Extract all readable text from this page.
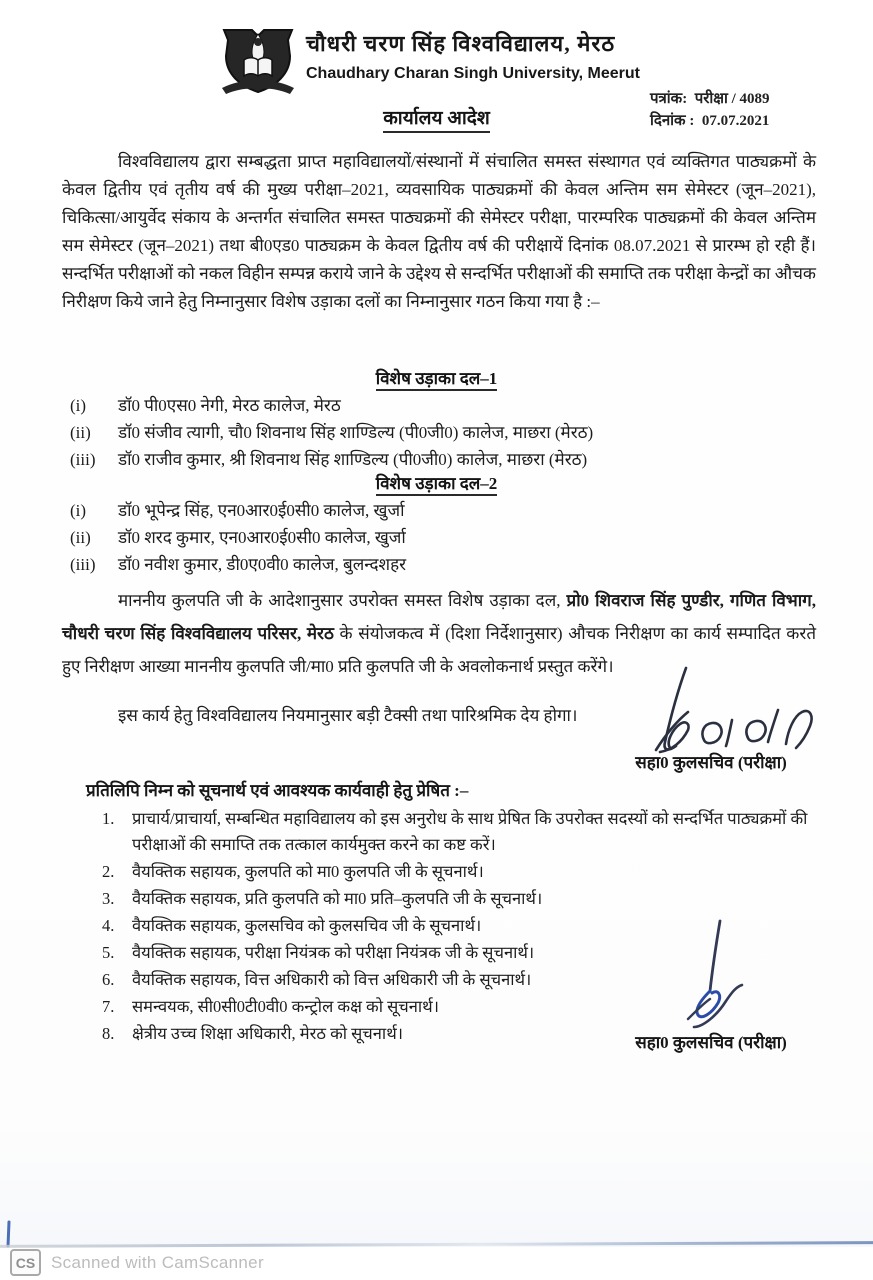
चौधरी चरण सिंह विश्वविद्यालय, मेरठ
Chaudhary Charan Singh University, Meerut
पत्रांक: परीक्षा / 4089
दिनांक : 07.07.2021
कार्यालय आदेश
विश्वविद्यालय द्वारा सम्बद्धता प्राप्त महाविद्यालयों/संस्थानों में संचालित समस्त संस्थागत एवं व्यक्तिगत पाठ्यक्रमों के केवल द्वितीय एवं तृतीय वर्ष की मुख्य परीक्षा–2021, व्यवसायिक पाठ्यक्रमों की केवल अन्तिम सम सेमेस्टर (जून–2021), चिकित्सा/आयुर्वेद संकाय के अन्तर्गत संचालित समस्त पाठ्यक्रमों की सेमेस्टर परीक्षा, पारम्परिक पाठ्यक्रमों की केवल अन्तिम सम सेमेस्टर (जून–2021) तथा बी0एड0 पाठ्यक्रम के केवल द्वितीय वर्ष की परीक्षायें दिनांक 08.07.2021 से प्रारम्भ हो रही हैं। सन्दर्भित परीक्षाओं को नकल विहीन सम्पन्न कराये जाने के उद्देश्य से सन्दर्भित परीक्षाओं की समाप्ति तक परीक्षा केन्द्रों का औचक निरीक्षण किये जाने हेतु निम्नानुसार विशेष उड़ाका दलों का निम्नानुसार गठन किया गया है :–
विशेष उड़ाका दल–1
(i)	डॉ0 पी0एस0 नेगी, मेरठ कालेज, मेरठ
(ii)	डॉ0 संजीव त्यागी, चौ0 शिवनाथ सिंह शाण्डिल्य (पी0जी0) कालेज, माछरा (मेरठ)
(iii)	डॉ0 राजीव कुमार, श्री शिवनाथ सिंह शाण्डिल्य (पी0जी0) कालेज, माछरा (मेरठ)
विशेष उड़ाका दल–2
(i)	डॉ0 भूपेन्द्र सिंह, एन0आर0ई0सी0 कालेज, खुर्जा
(ii)	डॉ0 शरद कुमार, एन0आर0ई0सी0 कालेज, खुर्जा
(iii)	डॉ0 नवीश कुमार, डी0ए0वी0 कालेज, बुलन्दशहर
माननीय कुलपति जी के आदेशानुसार उपरोक्त समस्त विशेष उड़ाका दल, प्रो0 शिवराज सिंह पुण्डीर, गणित विभाग, चौधरी चरण सिंह विश्वविद्यालय परिसर, मेरठ के संयोजकत्व में (दिशा निर्देशानुसार) औचक निरीक्षण का कार्य सम्पादित करते हुए निरीक्षण आख्या माननीय कुलपति जी/मा0 प्रति कुलपति जी के अवलोकनार्थ प्रस्तुत करेंगे।
इस कार्य हेतु विश्वविद्यालय नियमानुसार बड़ी टैक्सी तथा पारिश्रमिक देय होगा।
सहा0 कुलसचिव (परीक्षा)
प्रतिलिपि निम्न को सूचनार्थ एवं आवश्यक कार्यवाही हेतु प्रेषित :–
1.	प्राचार्य/प्राचार्या, सम्बन्धित महाविद्यालय को इस अनुरोध के साथ प्रेषित कि उपरोक्त सदस्यों को सन्दर्भित पाठ्यक्रमों की परीक्षाओं की समाप्ति तक तत्काल कार्यमुक्त करने का कष्ट करें।
2.	वैयक्तिक सहायक, कुलपति को मा0 कुलपति जी के सूचनार्थ।
3.	वैयक्तिक सहायक, प्रति कुलपति को मा0 प्रति–कुलपति जी के सूचनार्थ।
4.	वैयक्तिक सहायक, कुलसचिव को कुलसचिव जी के सूचनार्थ।
5.	वैयक्तिक सहायक, परीक्षा नियंत्रक को परीक्षा नियंत्रक जी के सूचनार्थ।
6.	वैयक्तिक सहायक, वित्त अधिकारी को वित्त अधिकारी जी के सूचनार्थ।
7.	समन्वयक, सी0सी0टी0वी0 कन्ट्रोल कक्ष को सूचनार्थ।
8.	क्षेत्रीय उच्च शिक्षा अधिकारी, मेरठ को सूचनार्थ।	सहा0 कुलसचिव (परीक्षा)
CS Scanned with CamScanner
